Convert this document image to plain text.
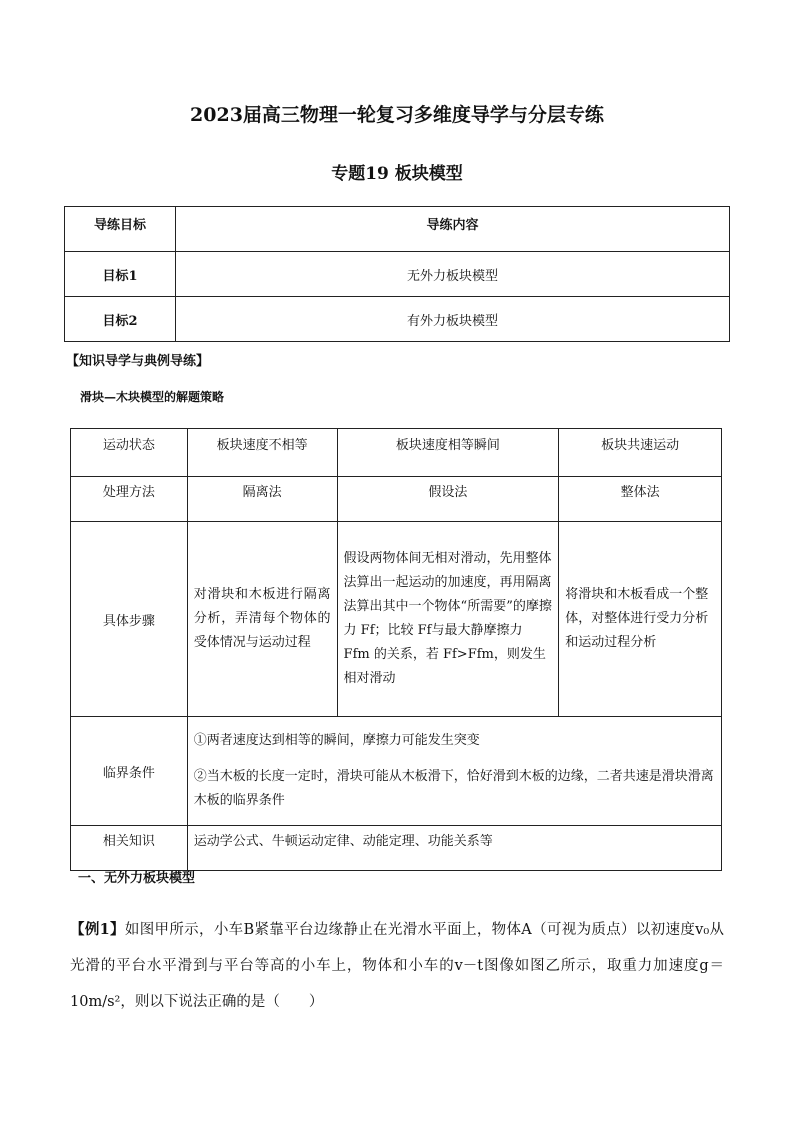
2023届高三物理一轮复习多维度导学与分层专练
专题19 板块模型
导练目标	导练内容
目标1	无外力板块模型
目标2	有外力板块模型
【知识导学与典例导练】
滑块—木块模型的解题策略
运动状态	板块速度不相等	板块速度相等瞬间	板块共速运动
处理方法	隔离法	假设法	整体法
具体步骤	对滑块和木板进行隔离分析，弄清每个物体的受体情况与运动过程	假设两物体间无相对滑动，先用整体法算出一起运动的加速度，再用隔离法算出其中一个物体“所需要”的摩擦力 Ff；比较 Ff与最大静摩擦力 Ffm 的关系，若 Ff>Ffm，则发生相对滑动	将滑块和木板看成一个整体，对整体进行受力分析和运动过程分析

临界条件	①两者速度达到相等的瞬间，摩擦力可能发生突变
②当木板的长度一定时，滑块可能从木板滑下，恰好滑到木板的边缘，二者共速是滑块滑离木板的临界条件		

相关知识	运动学公式、牛顿运动定律、动能定理、功能关系等		
一、无外力板块模型
【例1】如图甲所示，小车B紧靠平台边缘静止在光滑水平面上，物体A（可视为质点）以初速度v₀从光滑的平台水平滑到与平台等高的小车上，物体和小车的v－t图像如图乙所示，取重力加速度g＝10m/s²，则以下说法正确的是（　　）
